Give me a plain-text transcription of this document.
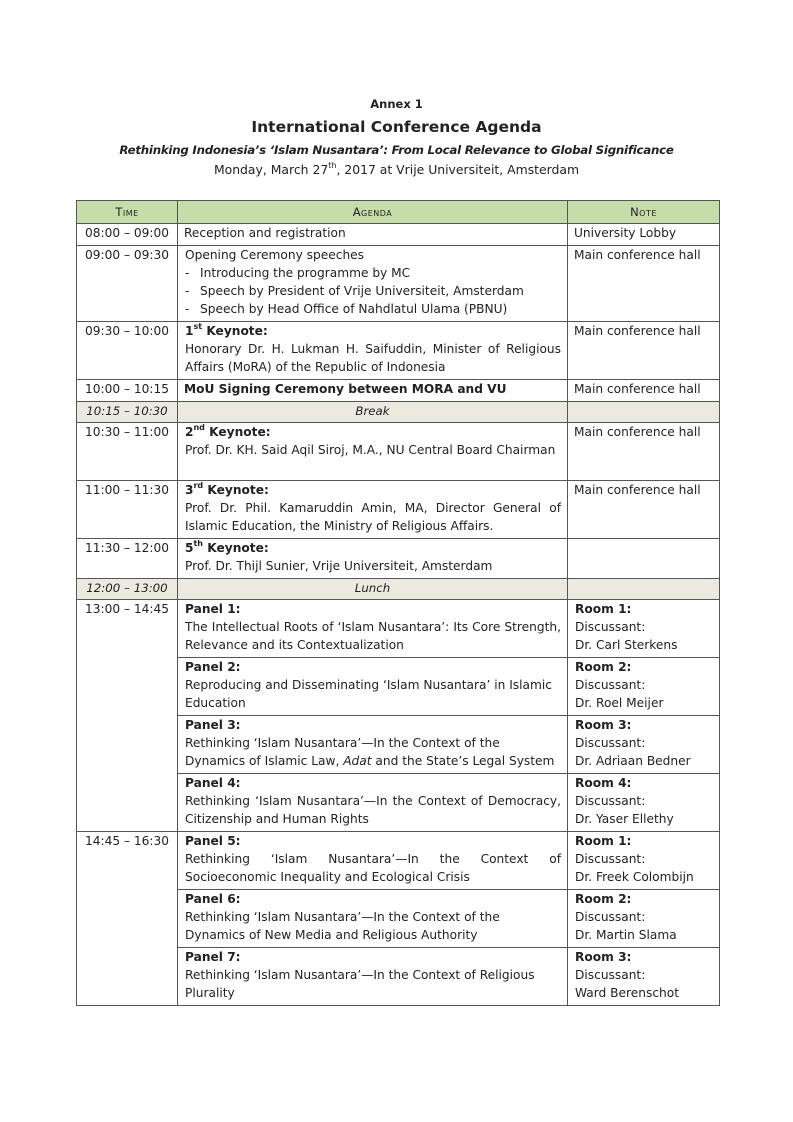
Annex 1
International Conference Agenda
Rethinking Indonesia’s ‘Islam Nusantara’: From Local Relevance to Global Significance
Monday, March 27th, 2017 at Vrije Universiteit, Amsterdam
Time	Agenda	Note
08:00 – 09:00	Reception and registration	University Lobby
09:00 – 09:30	Opening Ceremony speeches
- Introducing the programme by MC
- Speech by President of Vrije Universiteit, Amsterdam
- Speech by Head Office of Nahdlatul Ulama (PBNU)	Main conference hall
09:30 – 10:00	1st Keynote:
Honorary Dr. H. Lukman H. Saifuddin, Minister of Religious Affairs (MoRA) of the Republic of Indonesia	Main conference hall
10:00 – 10:15	MoU Signing Ceremony between MORA and VU	Main conference hall
10:15 – 10:30	Break	
10:30 – 11:00	2nd Keynote:
Prof. Dr. KH. Said Aqil Siroj, M.A., NU Central Board Chairman	Main conference hall
11:00 – 11:30	3rd Keynote:
Prof. Dr. Phil. Kamaruddin Amin, MA, Director General of Islamic Education, the Ministry of Religious Affairs.	Main conference hall
11:30 – 12:00	5th Keynote:
Prof. Dr. Thijl Sunier, Vrije Universiteit, Amsterdam	

12:00 – 13:00	Lunch	
13:00 – 14:45	Panel 1:
The Intellectual Roots of ‘Islam Nusantara’: Its Core Strength, Relevance and its Contextualization	Room 1:
Discussant:
Dr. Carl Sterkens

	Panel 2:
Reproducing and Disseminating ‘Islam Nusantara’ in Islamic Education	Room 2:
Discussant:
Dr. Roel Meijer

	Panel 3:
Rethinking ‘Islam Nusantara’—In the Context of the Dynamics of Islamic Law, Adat and the State’s Legal System	Room 3:
Discussant:
Dr. Adriaan Bedner

	Panel 4:
Rethinking ‘Islam Nusantara’—In the Context of Democracy, Citizenship and Human Rights	Room 4:
Discussant:
Dr. Yaser Ellethy

14:45 – 16:30	Panel 5:
Rethinking ‘Islam Nusantara’—In the Context of
Socioeconomic Inequality and Ecological Crisis	Room 1:
Discussant:
Dr. Freek Colombijn

	Panel 6:
Rethinking ‘Islam Nusantara’—In the Context of the Dynamics of New Media and Religious Authority	Room 2:
Discussant:
Dr. Martin Slama

	Panel 7:
Rethinking ‘Islam Nusantara’—In the Context of Religious Plurality	Room 3:
Discussant:
Ward Berenschot
